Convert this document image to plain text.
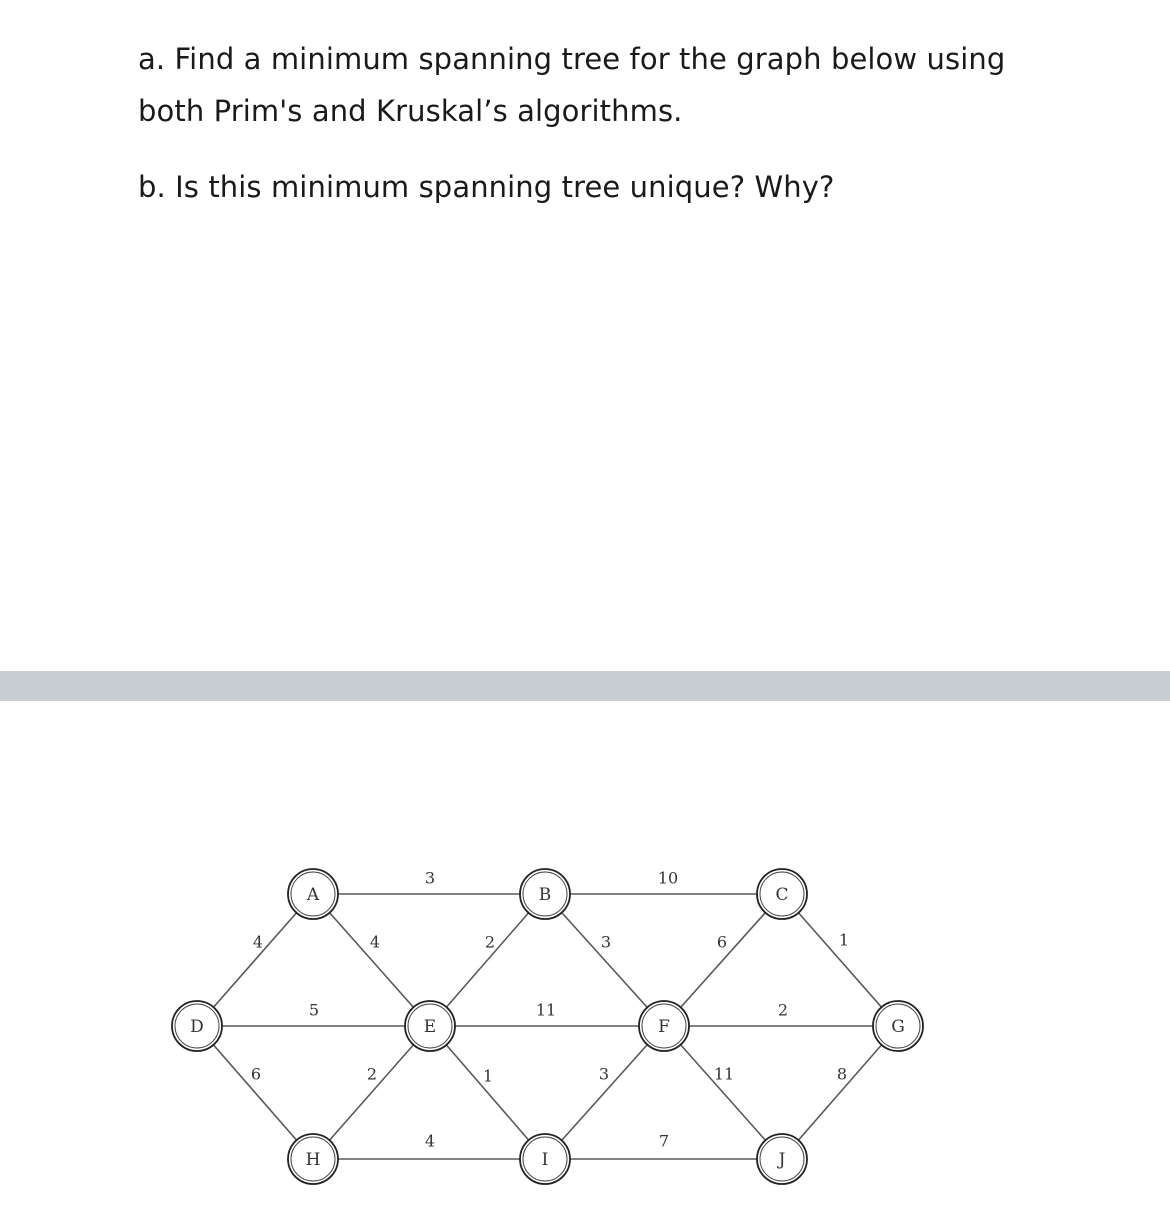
a. Find a minimum spanning tree for the graph below using both Prim's and Kruskal’s algorithms.

b. Is this minimum spanning tree unique? Why?

3	10
4	4	2	3	6	1
5	11	2
6	2	1	3	11	8
4	7
A	B	C
D	E	F	G
H	I	J
